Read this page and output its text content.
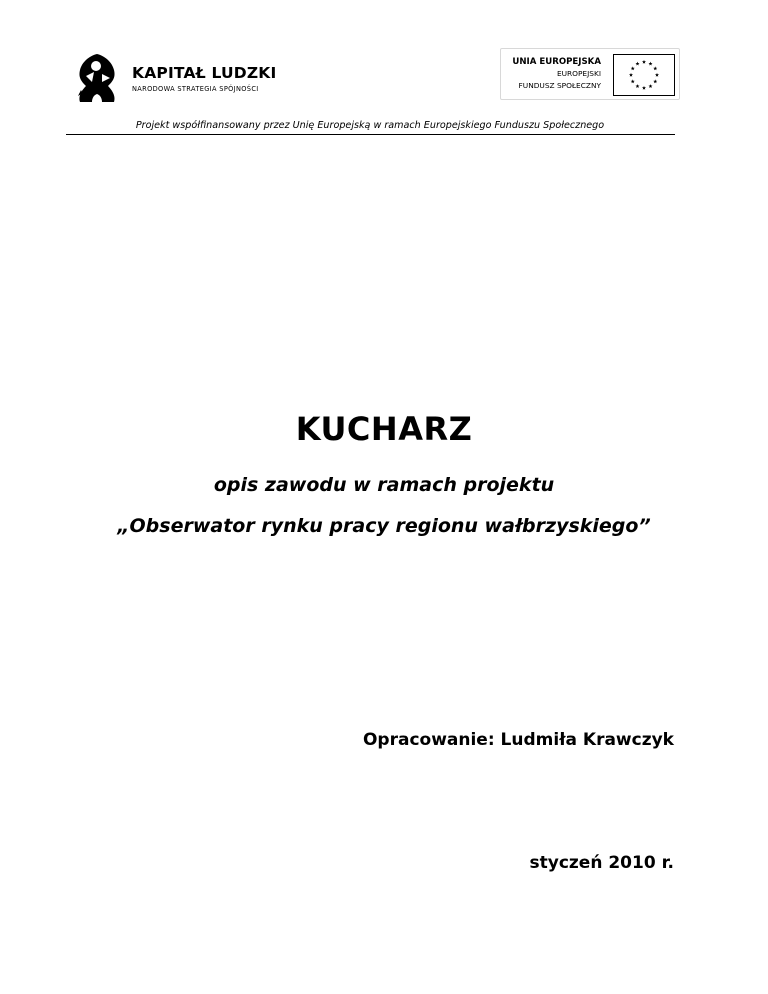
KAPITAŁ LUDZKI
NARODOWA STRATEGIA SPÓJNOŚCI
UNIA EUROPEJSKA
EUROPEJSKI
FUNDUSZ SPOŁECZNY
Projekt współfinansowany przez Unię Europejską w ramach Europejskiego Funduszu Społecznego
KUCHARZ
opis zawodu w ramach projektu
„Obserwator rynku pracy regionu wałbrzyskiego”
Opracowanie: Ludmiła Krawczyk
styczeń 2010 r.
